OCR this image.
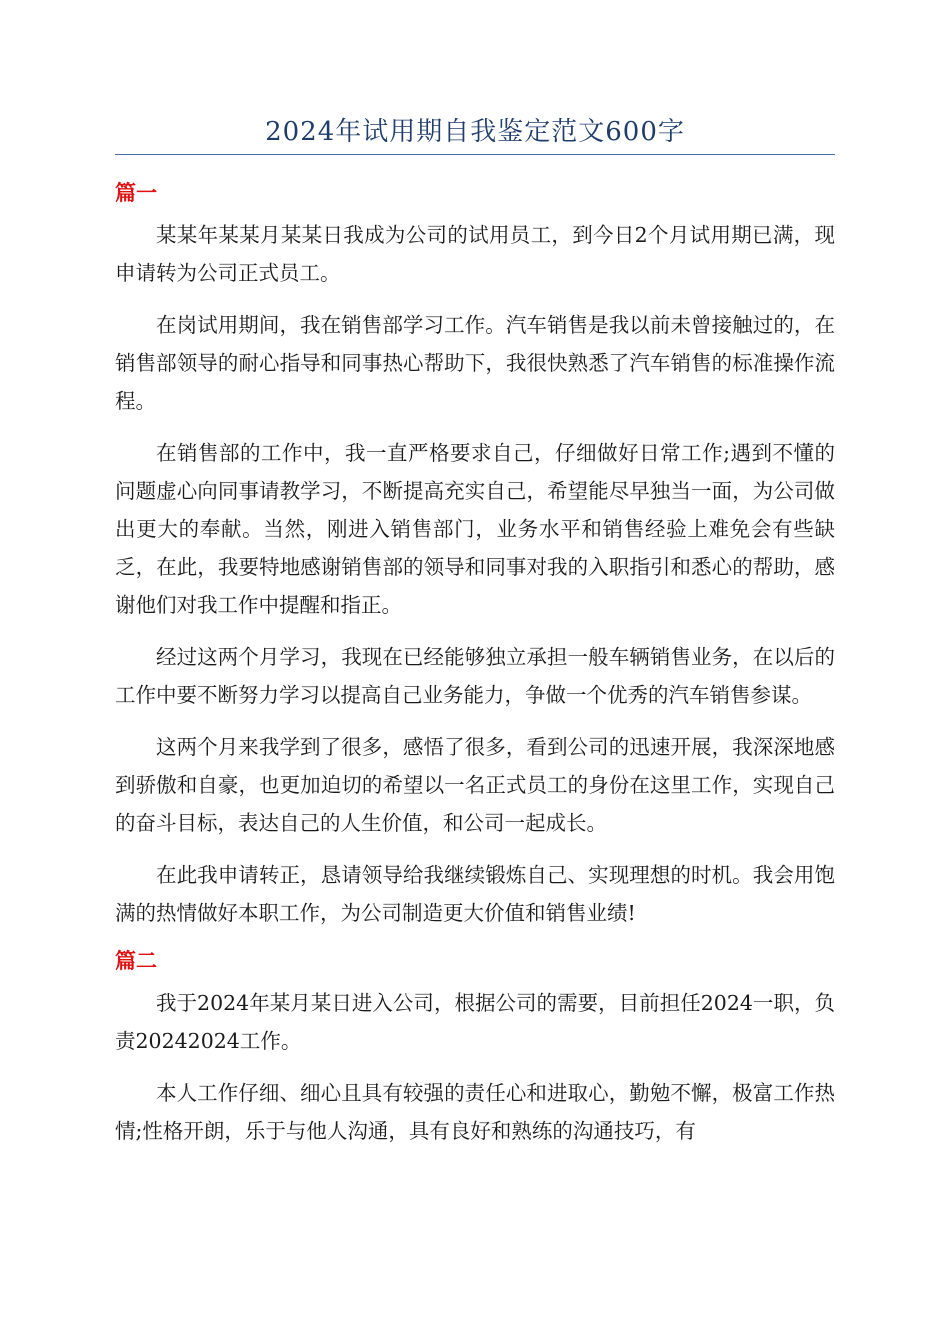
2024年试用期自我鉴定范文600字
篇一

某某年某某月某某日我成为公司的试用员工，到今日2个月试用期已满，现申请转为公司正式员工。

在岗试用期间，我在销售部学习工作。汽车销售是我以前未曾接触过的，在销售部领导的耐心指导和同事热心帮助下，我很快熟悉了汽车销售的标准操作流程。

在销售部的工作中，我一直严格要求自己，仔细做好日常工作;遇到不懂的问题虚心向同事请教学习，不断提高充实自己，希望能尽早独当一面，为公司做出更大的奉献。当然，刚进入销售部门，业务水平和销售经验上难免会有些缺乏，在此，我要特地感谢销售部的领导和同事对我的入职指引和悉心的帮助，感谢他们对我工作中提醒和指正。

经过这两个月学习，我现在已经能够独立承担一般车辆销售业务，在以后的工作中要不断努力学习以提高自己业务能力，争做一个优秀的汽车销售参谋。

这两个月来我学到了很多，感悟了很多，看到公司的迅速开展，我深深地感到骄傲和自豪，也更加迫切的希望以一名正式员工的身份在这里工作，实现自己的奋斗目标，表达自己的人生价值，和公司一起成长。

在此我申请转正，恳请领导给我继续锻炼自己、实现理想的时机。我会用饱满的热情做好本职工作，为公司制造更大价值和销售业绩!

篇二

我于2024年某月某日进入公司，根据公司的需要，目前担任2024一职，负责20242024工作。

本人工作仔细、细心且具有较强的责任心和进取心，勤勉不懈，极富工作热情;性格开朗，乐于与他人沟通，具有良好和熟练的沟通技巧，有
